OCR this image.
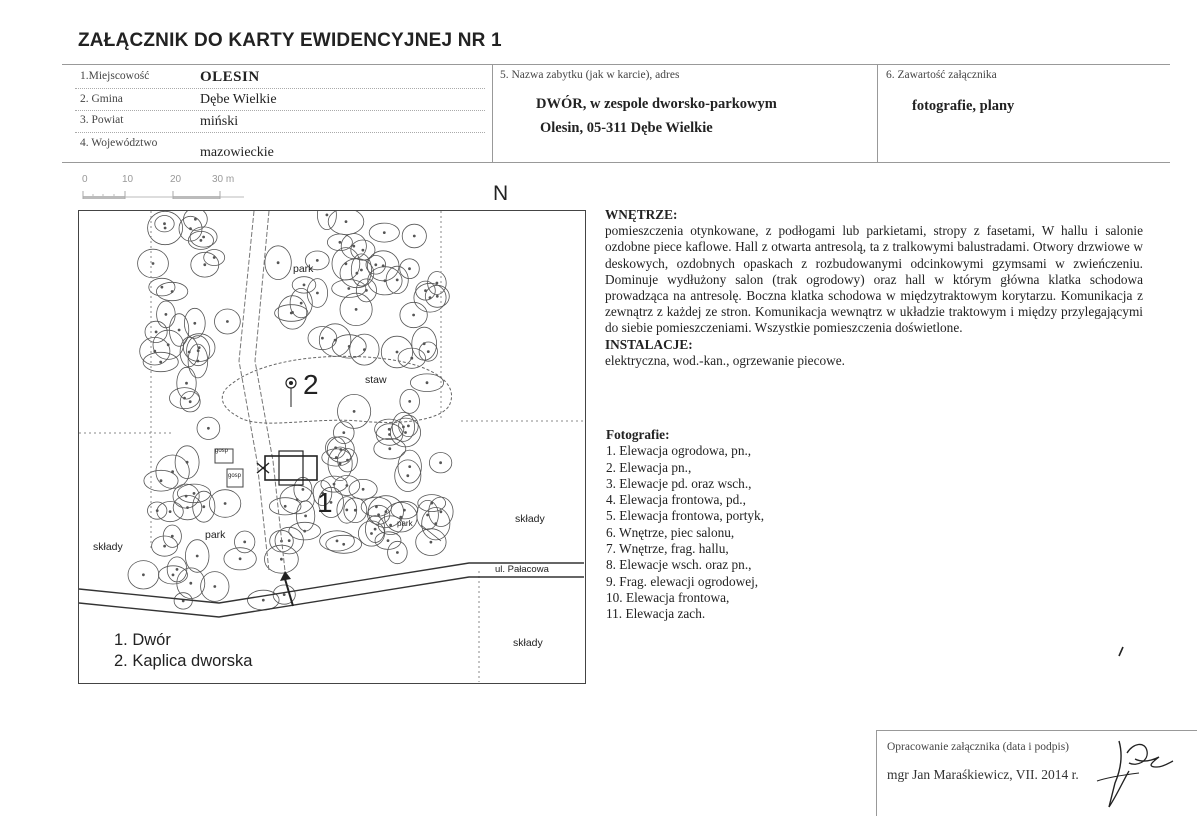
ZAŁĄCZNIK DO KARTY EWIDENCYJNEJ NR 1
1.Miejscowość	OLESIN
2. Gmina	Dębe Wielkie
3. Powiat	miński
4. Województwo
mazowieckie
5. Nazwa zabytku (jak w karcie), adres
DWÓR, w zespole dworsko-parkowym
Olesin, 05-311 Dębe Wielkie
6. Zawartość załącznika
fotografie, plany
0	10	20	30 m
N
park
staw
2
1
park
park
składy
składy
składy
ul. Pałacowa
gosp
gosp
1. Dwór
2. Kaplica dworska
WNĘTRZE:
pomieszczenia otynkowane, z podłogami lub parkietami, stropy z fasetami, W hallu i salonie ozdobne piece kaflowe. Hall z otwarta antresolą, ta z tralkowymi balustradami. Otwory drzwiowe w deskowych, ozdobnych opaskach z rozbudowanymi odcinkowymi gzymsami w zwieńczeniu. Dominuje wydłużony salon (trak ogrodowy) oraz hall w którym główna klatka schodowa prowadząca na antresolę. Boczna klatka schodowa w międzytraktowym korytarzu. Komunikacja z zewnątrz z każdej ze stron. Komunikacja wewnątrz w układzie traktowym i między przylegającymi do siebie pomieszczeniami. Wszystkie pomieszczenia doświetlone.
INSTALACJE:
elektryczna, wod.-kan., ogrzewanie piecowe.
Fotografie:
1. Elewacja ogrodowa, pn.,
2. Elewacja pn.,
3. Elewacje pd. oraz wsch.,
4. Elewacja frontowa, pd.,
5. Elewacja frontowa, portyk,
6. Wnętrze, piec salonu,
7. Wnętrze, frag. hallu,
8. Elewacje wsch. oraz pn.,
9. Frag. elewacji ogrodowej,
10. Elewacja frontowa,
11. Elewacja zach.
Opracowanie załącznika (data i podpis)
mgr Jan Maraśkiewicz, VII. 2014 r.
